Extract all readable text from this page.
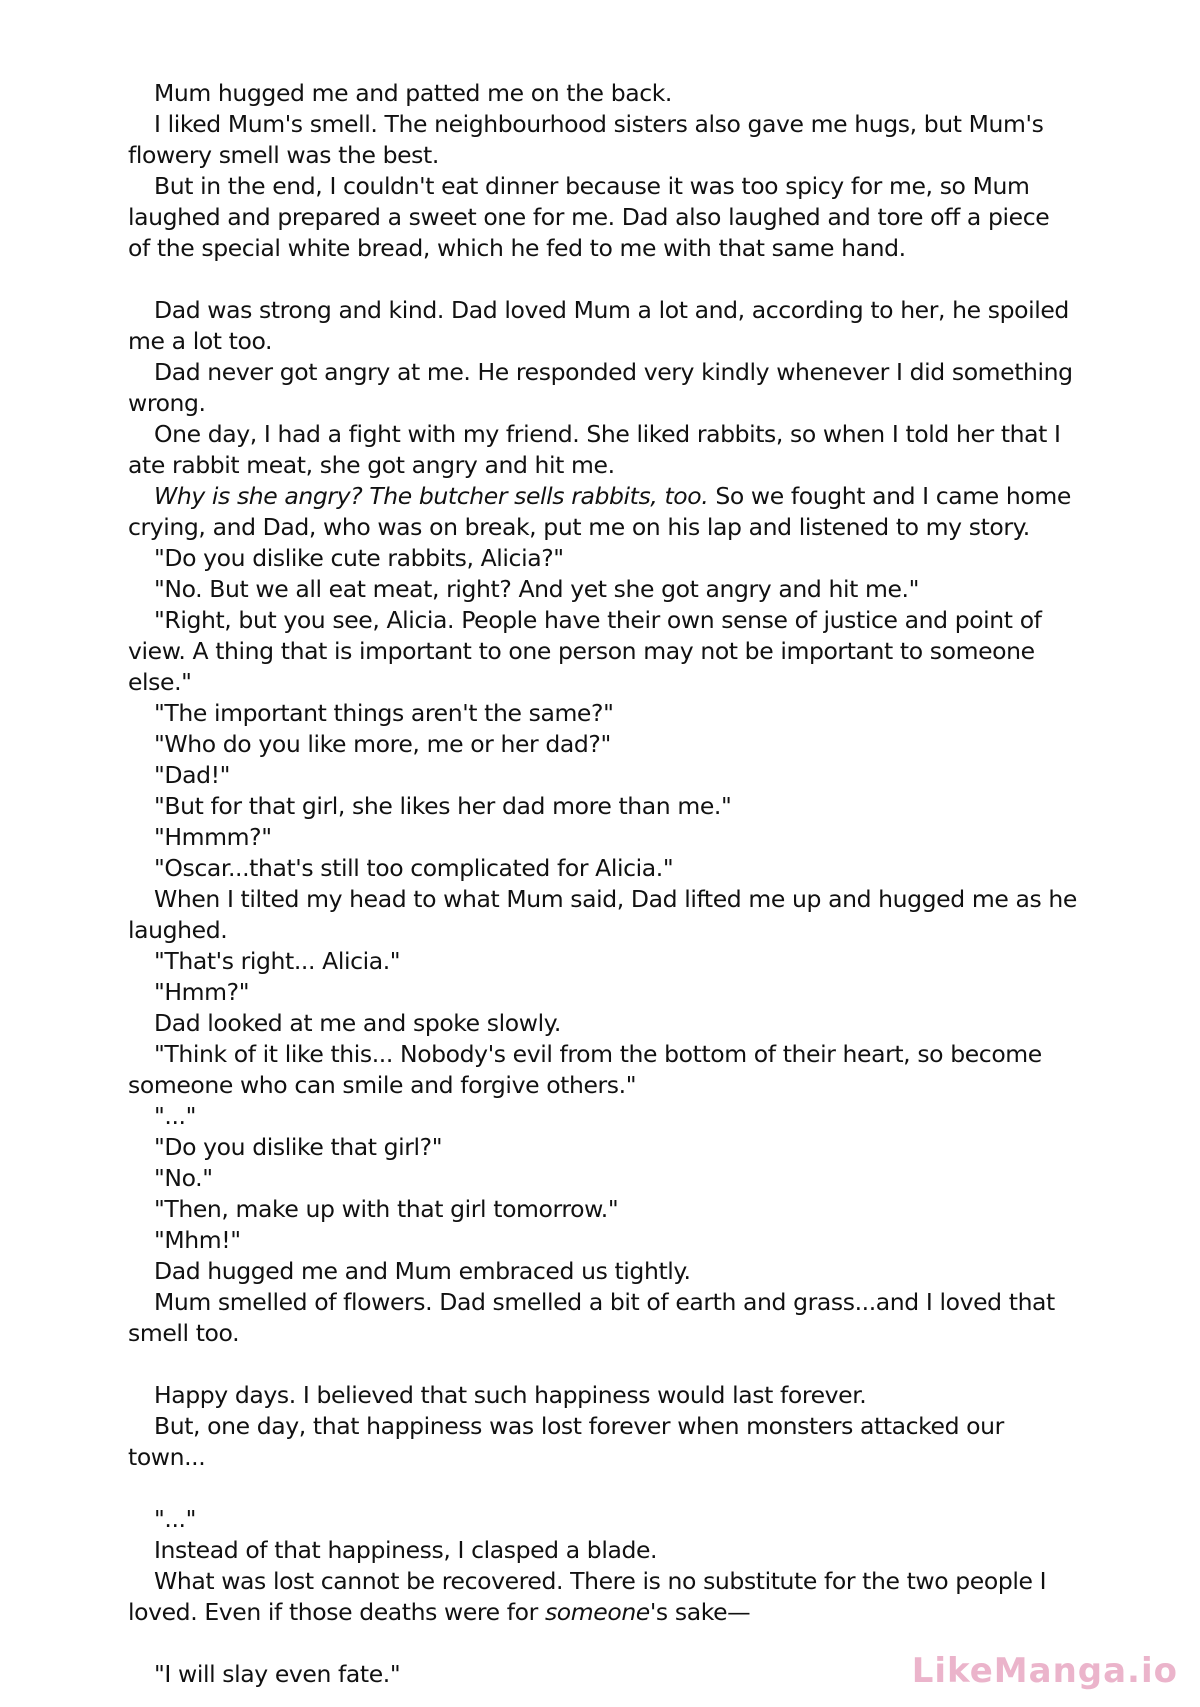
Mum hugged me and patted me on the back.

I liked Mum's smell. The neighbourhood sisters also gave me hugs, but Mum's flowery smell was the best.

But in the end, I couldn't eat dinner because it was too spicy for me, so Mum laughed and prepared a sweet one for me. Dad also laughed and tore off a piece of the special white bread, which he fed to me with that same hand.

Dad was strong and kind. Dad loved Mum a lot and, according to her, he spoiled me a lot too.

Dad never got angry at me. He responded very kindly whenever I did something wrong.

One day, I had a fight with my friend. She liked rabbits, so when I told her that I ate rabbit meat, she got angry and hit me.

Why is she angry? The butcher sells rabbits, too. So we fought and I came home crying, and Dad, who was on break, put me on his lap and listened to my story.

"Do you dislike cute rabbits, Alicia?"

"No. But we all eat meat, right? And yet she got angry and hit me."

"Right, but you see, Alicia. People have their own sense of justice and point of view. A thing that is important to one person may not be important to someone else."

"The important things aren't the same?"

"Who do you like more, me or her dad?"

"Dad!"

"But for that girl, she likes her dad more than me."

"Hmmm?"

"Oscar...that's still too complicated for Alicia."

When I tilted my head to what Mum said, Dad lifted me up and hugged me as he laughed.

"That's right... Alicia."

"Hmm?"

Dad looked at me and spoke slowly.

"Think of it like this... Nobody's evil from the bottom of their heart, so become someone who can smile and forgive others."

"..."

"Do you dislike that girl?"

"No."

"Then, make up with that girl tomorrow."

"Mhm!"

Dad hugged me and Mum embraced us tightly.

Mum smelled of flowers. Dad smelled a bit of earth and grass...and I loved that smell too.

Happy days. I believed that such happiness would last forever.

But, one day, that happiness was lost forever when monsters attacked our town...

"..."

Instead of that happiness, I clasped a blade.

What was lost cannot be recovered. There is no substitute for the two people I loved. Even if those deaths were for someone's sake—

"I will slay even fate."	LikeManga.io
